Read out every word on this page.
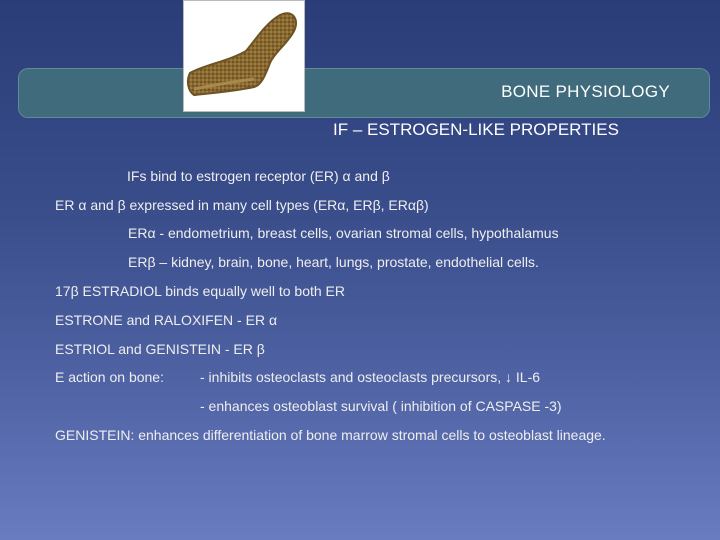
BONE PHYSIOLOGY
IF – ESTROGEN-LIKE PROPERTIES
IFs bind to estrogen receptor (ER) α and β
ER α and β expressed in many cell types (ERα, ERβ, ERαβ)
ERα - endometrium, breast cells, ovarian stromal cells, hypothalamus
ERβ – kidney, brain, bone, heart, lungs, prostate, endothelial cells.
17β ESTRADIOL binds equally well to both ER
ESTRONE and RALOXIFEN - ER α
ESTRIOL and GENISTEIN - ER β
E action on bone:	- inhibits osteoclasts and osteoclasts precursors, ↓ IL-6
- enhances osteoblast survival ( inhibition of CASPASE -3)
GENISTEIN: enhances differentiation of bone marrow stromal cells to osteoblast lineage.
